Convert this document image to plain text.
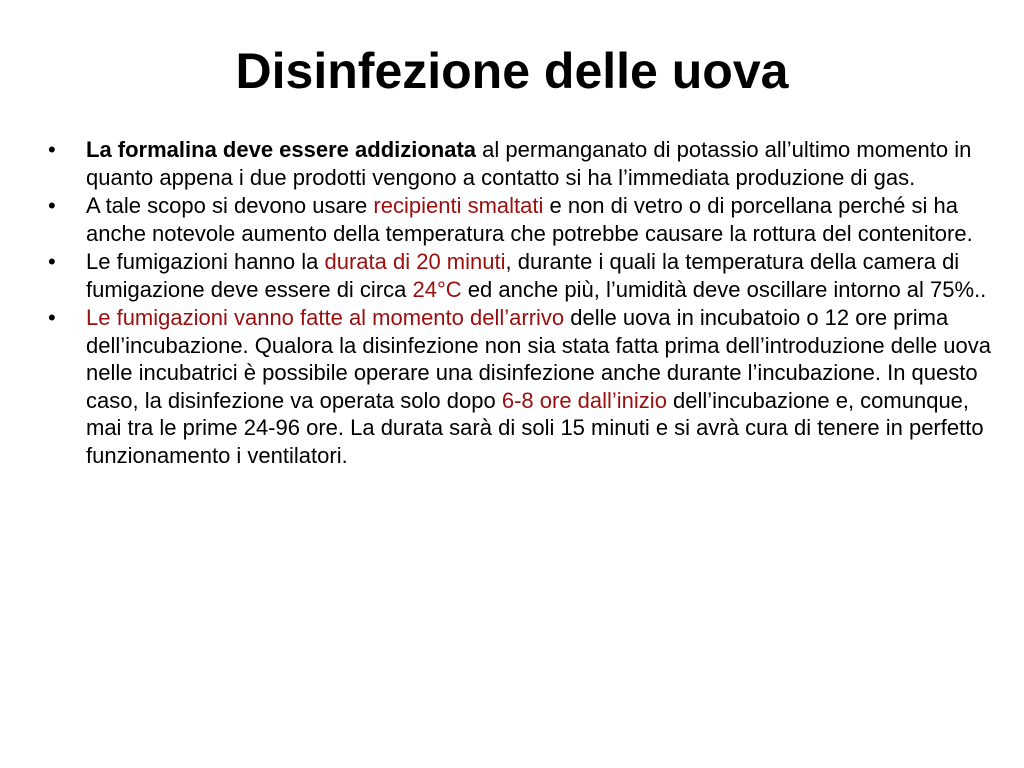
Disinfezione delle uova
•	La formalina deve essere addizionata al permanganato di potassio all’ultimo momento in quanto appena i due prodotti vengono a contatto si ha l’immediata produzione di gas.
•	A tale scopo si devono usare recipienti smaltati e non di vetro o di porcellana perché si ha anche notevole aumento della temperatura che potrebbe causare la rottura del contenitore.
•	Le fumigazioni hanno la durata di 20 minuti, durante i quali la temperatura della camera di fumigazione deve essere di circa 24°C ed anche più, l’umidità deve oscillare intorno al 75%..
•	Le fumigazioni vanno fatte al momento dell’arrivo delle uova in incubatoio o 12 ore prima dell’incubazione. Qualora la disinfezione non sia stata fatta prima dell’introduzione delle uova nelle incubatrici è possibile operare una disinfezione anche durante l’incubazione. In questo caso, la disinfezione va operata solo dopo 6-8 ore dall’inizio dell’incubazione e, comunque, mai tra le prime 24-96 ore. La durata sarà di soli 15 minuti e si avrà cura di tenere in perfetto funzionamento i ventilatori.
